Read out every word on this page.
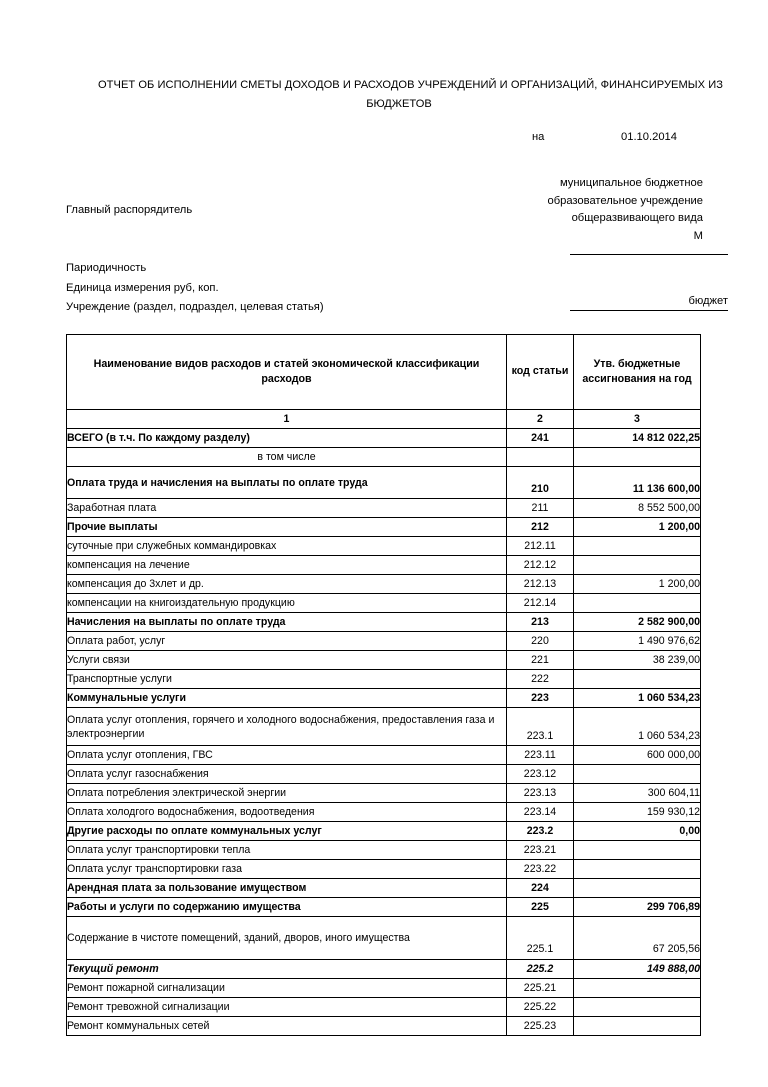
ОТЧЕТ ОБ ИСПОЛНЕНИИ СМЕТЫ ДОХОДОВ И РАСХОДОВ УЧРЕЖДЕНИЙ И ОРГАНИЗАЦИЙ, ФИНАНСИРУЕМЫХ ИЗ
БЮДЖЕТОВ
на	01.10.2014
муниципальное бюджетное
образовательное учреждение
общеразвивающего вида
М
Главный распорядитель
Париодичность
Единица измерения руб, коп.
Учреждение (раздел, подраздел, целевая статья)	бюджет
Наименование видов расходов и статей экономической классификации расходов	код статьи	Утв. бюджетные ассигнования на год
1	2	3
ВСЕГО (в т.ч. По каждому разделу)	241	14 812 022,25
в том числе		
Оплата труда и начисления на выплаты по оплате труда	210	11 136 600,00
Заработная плата	211	8 552 500,00
Прочие выплаты	212	1 200,00
суточные при служебных коммандировках	212.11	
компенсация на лечение	212.12	
компенсация до 3хлет и др.	212.13	1 200,00
компенсации на книгоиздательную продукцию	212.14	
Начисления на выплаты по оплате труда	213	2 582 900,00
Оплата работ, услуг	220	1 490 976,62
Услуги связи	221	38 239,00
Транспортные услуги	222	
Коммунальные услуги	223	1 060 534,23
Оплата услуг отопления, горячего и холодного водоснабжения, предоставления газа и электроэнергии	223.1	1 060 534,23
Оплата услуг отопления, ГВС	223.11	600 000,00
Оплата услуг газоснабжения	223.12	
Оплата потребления электрической энергии	223.13	300 604,11
Оплата холодгого водоснабжения, водоотведения	223.14	159 930,12
Другие расходы по оплате коммунальных услуг	223.2	0,00
Оплата услуг транспортировки тепла	223.21	
Оплата услуг транспортировки газа	223.22	
Арендная плата за пользование имуществом	224	
Работы и услуги по содержанию имущества	225	299 706,89
Содержание в чистоте помещений, зданий, дворов, иного имущества	225.1	67 205,56
Текущий ремонт	225.2	149 888,00
Ремонт пожарной сигнализации	225.21	
Ремонт тревожной сигнализации	225.22	
Ремонт коммунальных сетей	225.23	
